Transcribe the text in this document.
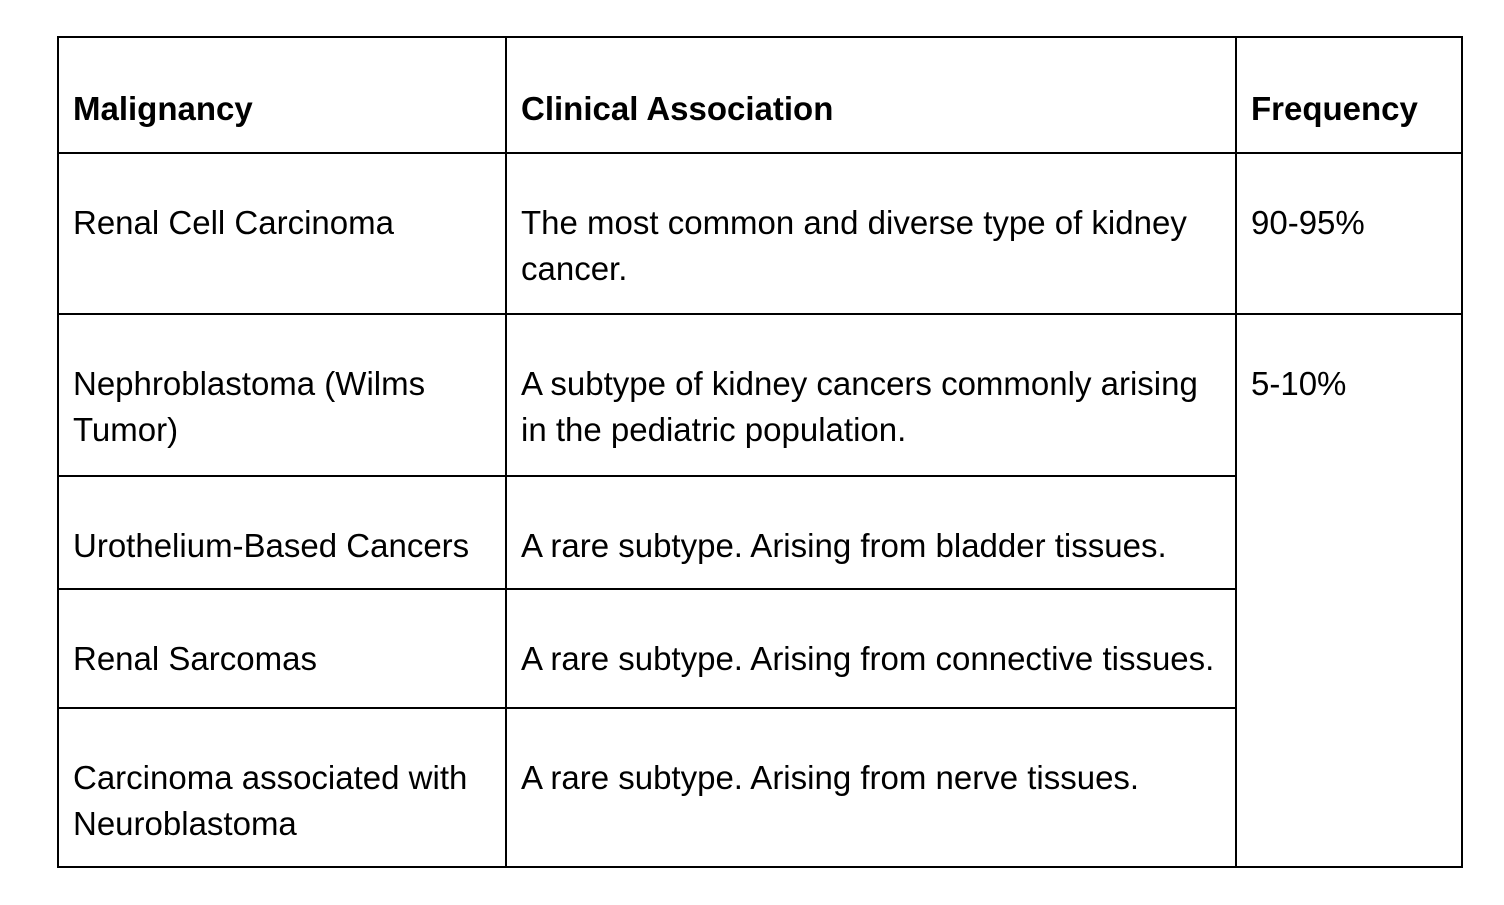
Malignancy	Clinical Association	Frequency
Renal Cell Carcinoma	The most common and diverse type of kidney cancer.	90-95%
Nephroblastoma (Wilms Tumor)	A subtype of kidney cancers commonly arising in the pediatric population.	5-10%
Urothelium-Based Cancers	A rare subtype. Arising from bladder tissues.	
Renal Sarcomas	A rare subtype. Arising from connective tissues.	
Carcinoma associated with Neuroblastoma	A rare subtype. Arising from nerve tissues.	
